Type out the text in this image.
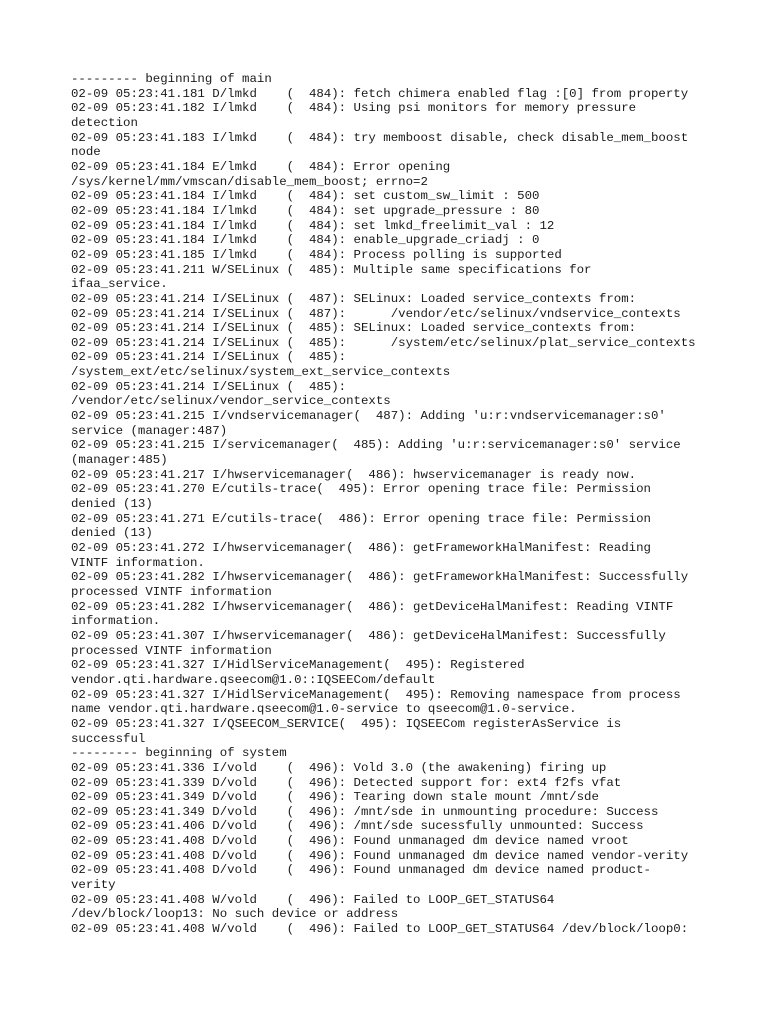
--------- beginning of main
02-09 05:23:41.181 D/lmkd    (  484): fetch chimera enabled flag :[0] from property
02-09 05:23:41.182 I/lmkd    (  484): Using psi monitors for memory pressure
detection
02-09 05:23:41.183 I/lmkd    (  484): try memboost disable, check disable_mem_boost
node
02-09 05:23:41.184 E/lmkd    (  484): Error opening
/sys/kernel/mm/vmscan/disable_mem_boost; errno=2
02-09 05:23:41.184 I/lmkd    (  484): set custom_sw_limit : 500
02-09 05:23:41.184 I/lmkd    (  484): set upgrade_pressure : 80
02-09 05:23:41.184 I/lmkd    (  484): set lmkd_freelimit_val : 12
02-09 05:23:41.184 I/lmkd    (  484): enable_upgrade_criadj : 0
02-09 05:23:41.185 I/lmkd    (  484): Process polling is supported
02-09 05:23:41.211 W/SELinux (  485): Multiple same specifications for
ifaa_service.
02-09 05:23:41.214 I/SELinux (  487): SELinux: Loaded service_contexts from:
02-09 05:23:41.214 I/SELinux (  487):      /vendor/etc/selinux/vndservice_contexts
02-09 05:23:41.214 I/SELinux (  485): SELinux: Loaded service_contexts from:
02-09 05:23:41.214 I/SELinux (  485):      /system/etc/selinux/plat_service_contexts
02-09 05:23:41.214 I/SELinux (  485):
/system_ext/etc/selinux/system_ext_service_contexts
02-09 05:23:41.214 I/SELinux (  485):
/vendor/etc/selinux/vendor_service_contexts
02-09 05:23:41.215 I/vndservicemanager(  487): Adding 'u:r:vndservicemanager:s0'
service (manager:487)
02-09 05:23:41.215 I/servicemanager(  485): Adding 'u:r:servicemanager:s0' service
(manager:485)
02-09 05:23:41.217 I/hwservicemanager(  486): hwservicemanager is ready now.
02-09 05:23:41.270 E/cutils-trace(  495): Error opening trace file: Permission
denied (13)
02-09 05:23:41.271 E/cutils-trace(  486): Error opening trace file: Permission
denied (13)
02-09 05:23:41.272 I/hwservicemanager(  486): getFrameworkHalManifest: Reading
VINTF information.
02-09 05:23:41.282 I/hwservicemanager(  486): getFrameworkHalManifest: Successfully
processed VINTF information
02-09 05:23:41.282 I/hwservicemanager(  486): getDeviceHalManifest: Reading VINTF
information.
02-09 05:23:41.307 I/hwservicemanager(  486): getDeviceHalManifest: Successfully
processed VINTF information
02-09 05:23:41.327 I/HidlServiceManagement(  495): Registered
vendor.qti.hardware.qseecom@1.0::IQSEECom/default
02-09 05:23:41.327 I/HidlServiceManagement(  495): Removing namespace from process
name vendor.qti.hardware.qseecom@1.0-service to qseecom@1.0-service.
02-09 05:23:41.327 I/QSEECOM_SERVICE(  495): IQSEECom registerAsService is
successful
--------- beginning of system
02-09 05:23:41.336 I/vold    (  496): Vold 3.0 (the awakening) firing up
02-09 05:23:41.339 D/vold    (  496): Detected support for: ext4 f2fs vfat
02-09 05:23:41.349 D/vold    (  496): Tearing down stale mount /mnt/sde
02-09 05:23:41.349 D/vold    (  496): /mnt/sde in unmounting procedure: Success
02-09 05:23:41.406 D/vold    (  496): /mnt/sde sucessfully unmounted: Success
02-09 05:23:41.408 D/vold    (  496): Found unmanaged dm device named vroot
02-09 05:23:41.408 D/vold    (  496): Found unmanaged dm device named vendor-verity
02-09 05:23:41.408 D/vold    (  496): Found unmanaged dm device named product-
verity
02-09 05:23:41.408 W/vold    (  496): Failed to LOOP_GET_STATUS64
/dev/block/loop13: No such device or address
02-09 05:23:41.408 W/vold    (  496): Failed to LOOP_GET_STATUS64 /dev/block/loop0:
